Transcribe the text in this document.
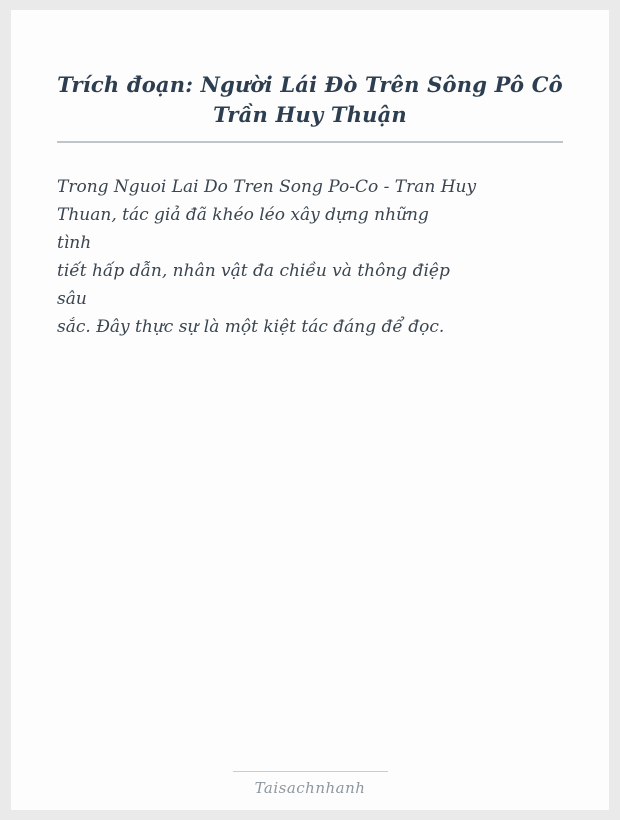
Trích đoạn: Người Lái Đò Trên Sông Pô Cô Trần Huy Thuận
Trong Nguoi Lai Do Tren Song Po-Co - Tran Huy
Thuan, tác giả đã khéo léo xây dựng những
tình
tiết hấp dẫn, nhân vật đa chiều và thông điệp
sâu
sắc. Đây thực sự là một kiệt tác đáng để đọc.
Taisachnhanh
